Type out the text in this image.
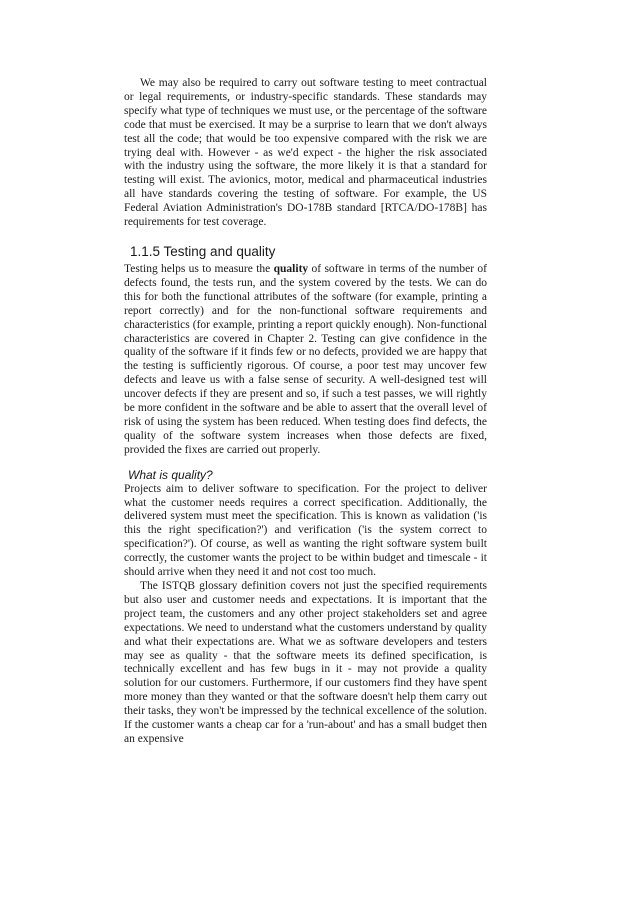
We may also be required to carry out software testing to meet contractual or legal requirements, or industry-specific standards. These standards may specify what type of techniques we must use, or the percentage of the software code that must be exercised. It may be a surprise to learn that we don't always test all the code; that would be too expensive compared with the risk we are trying deal with. However - as we'd expect - the higher the risk associated with the industry using the software, the more likely it is that a standard for testing will exist. The avionics, motor, medical and pharmaceutical industries all have standards covering the testing of software. For example, the US Federal Aviation Administration's DO-178B standard [RTCA/DO-178B] has requirements for test coverage.

1.1.5 Testing and quality

Testing helps us to measure the quality of software in terms of the number of defects found, the tests run, and the system covered by the tests. We can do this for both the functional attributes of the software (for example, printing a report correctly) and for the non-functional software requirements and characteristics (for example, printing a report quickly enough). Non-functional characteristics are covered in Chapter 2. Testing can give confidence in the quality of the software if it finds few or no defects, provided we are happy that the testing is sufficiently rigorous. Of course, a poor test may uncover few defects and leave us with a false sense of security. A well-designed test will uncover defects if they are present and so, if such a test passes, we will rightly be more confident in the software and be able to assert that the overall level of risk of using the system has been reduced. When testing does find defects, the quality of the software system increases when those defects are fixed, provided the fixes are carried out properly.

What is quality?

Projects aim to deliver software to specification. For the project to deliver what the customer needs requires a correct specification. Additionally, the delivered system must meet the specification. This is known as validation ('is this the right specification?') and verification ('is the system correct to specification?'). Of course, as well as wanting the right software system built correctly, the customer wants the project to be within budget and timescale - it should arrive when they need it and not cost too much.

The ISTQB glossary definition covers not just the specified requirements but also user and customer needs and expectations. It is important that the project team, the customers and any other project stakeholders set and agree expectations. We need to understand what the customers understand by quality and what their expectations are. What we as software developers and testers may see as quality - that the software meets its defined specification, is technically excellent and has few bugs in it - may not provide a quality solution for our customers. Furthermore, if our customers find they have spent more money than they wanted or that the software doesn't help them carry out their tasks, they won't be impressed by the technical excellence of the solution. If the customer wants a cheap car for a 'run-about' and has a small budget then an expensive
